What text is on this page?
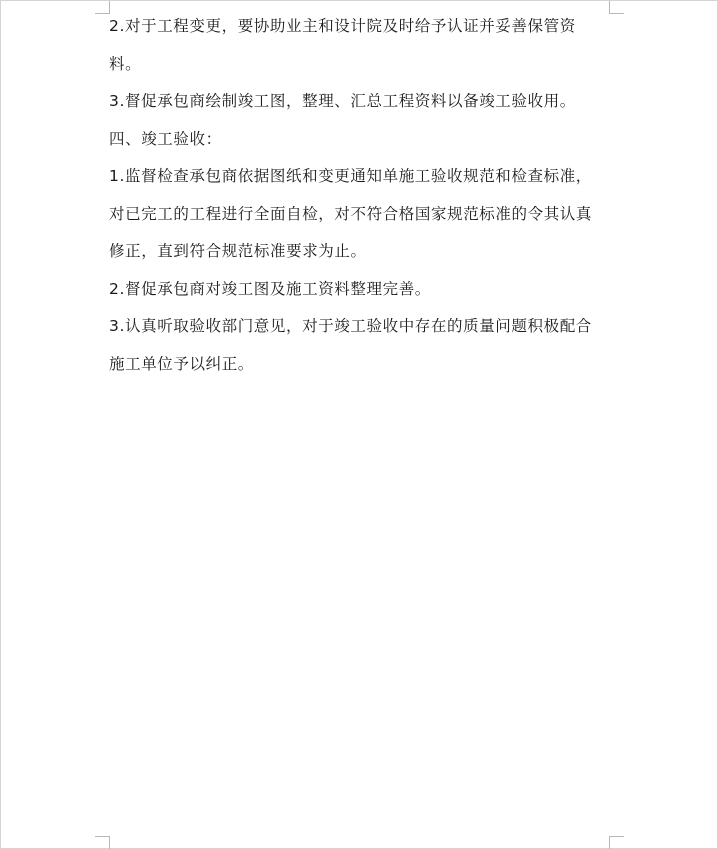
2.对于工程变更，要协助业主和设计院及时给予认证并妥善保管资
料。
3.督促承包商绘制竣工图，整理、汇总工程资料以备竣工验收用。
四、竣工验收：
1.监督检查承包商依据图纸和变更通知单施工验收规范和检查标准，
对已完工的工程进行全面自检，对不符合格国家规范标准的令其认真
修正，直到符合规范标准要求为止。
2.督促承包商对竣工图及施工资料整理完善。
3.认真听取验收部门意见，对于竣工验收中存在的质量问题积极配合
施工单位予以纠正。
